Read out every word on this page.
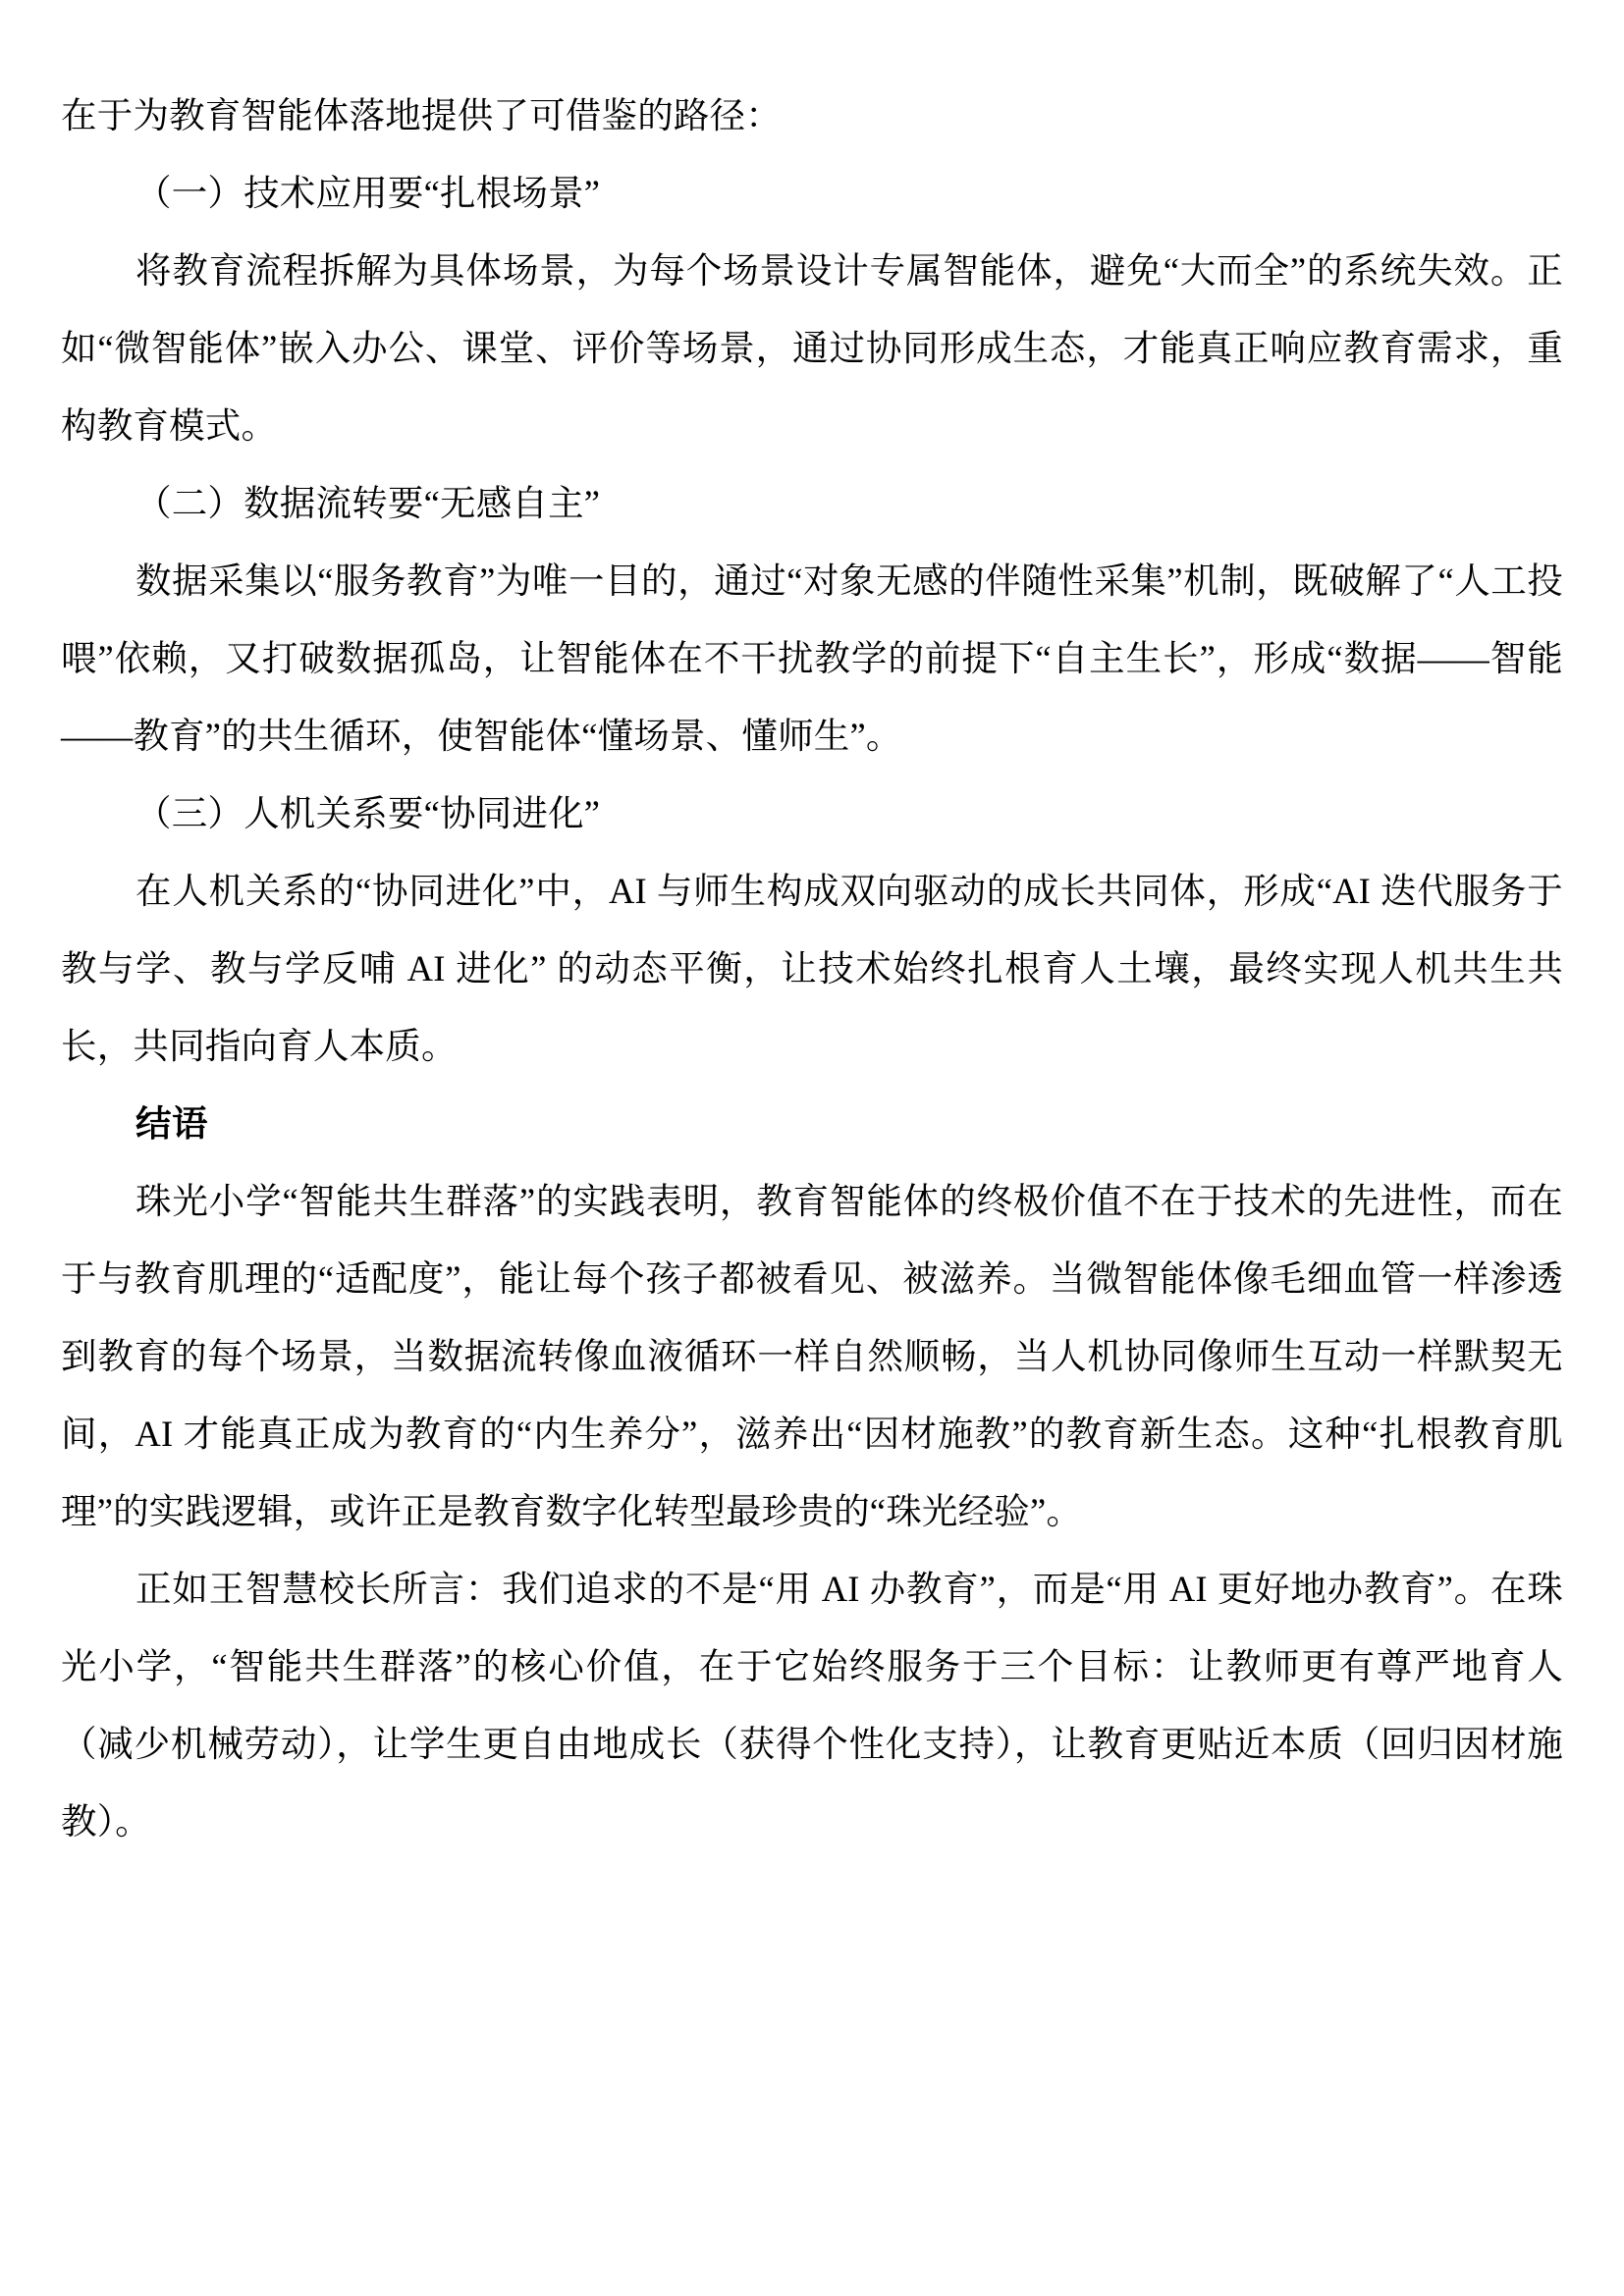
在于为教育智能体落地提供了可借鉴的路径：

（一）技术应用要“扎根场景”

将教育流程拆解为具体场景，为每个场景设计专属智能体，避免“大而全”的系统失效。正如“微智能体”嵌入办公、课堂、评价等场景，通过协同形成生态，才能真正响应教育需求，重构教育模式。

（二）数据流转要“无感自主”

数据采集以“服务教育”为唯一目的，通过“对象无感的伴随性采集”机制，既破解了“人工投喂”依赖，又打破数据孤岛，让智能体在不干扰教学的前提下“自主生长”，形成“数据——智能——教育”的共生循环，使智能体“懂场景、懂师生”。

（三）人机关系要“协同进化”

在人机关系的“协同进化”中，AI 与师生构成双向驱动的成长共同体，形成“AI 迭代服务于教与学、教与学反哺 AI 进化” 的动态平衡，让技术始终扎根育人土壤，最终实现人机共生共长，共同指向育人本质。

结语

珠光小学“智能共生群落”的实践表明，教育智能体的终极价值不在于技术的先进性，而在于与教育肌理的“适配度”，能让每个孩子都被看见、被滋养。当微智能体像毛细血管一样渗透到教育的每个场景，当数据流转像血液循环一样自然顺畅，当人机协同像师生互动一样默契无间，AI 才能真正成为教育的“内生养分”，滋养出“因材施教”的教育新生态。这种“扎根教育肌理”的实践逻辑，或许正是教育数字化转型最珍贵的“珠光经验”。

正如王智慧校长所言：我们追求的不是“用 AI 办教育”，而是“用 AI 更好地办教育”。在珠光小学，“智能共生群落”的核心价值，在于它始终服务于三个目标：让教师更有尊严地育人（减少机械劳动），让学生更自由地成长（获得个性化支持），让教育更贴近本质（回归因材施教）。
